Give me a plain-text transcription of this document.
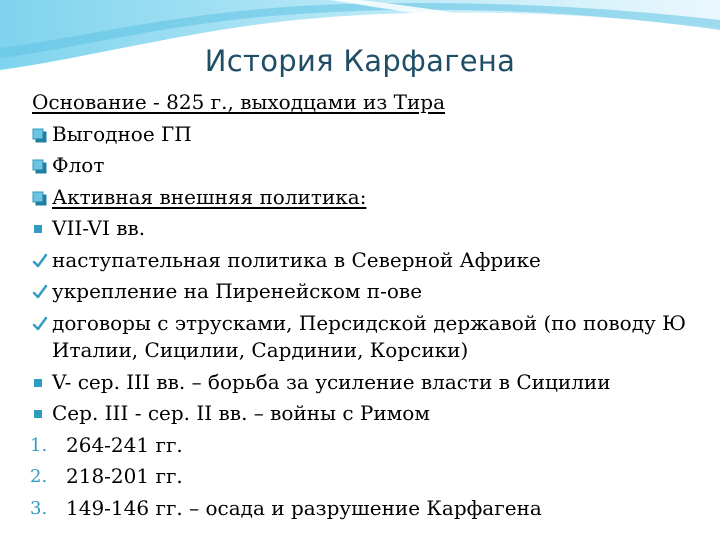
История Карфагена
Основание - 825 г., выходцами из Тира
Выгодное ГП
Флот
Активная внешняя политика:
VII-VI вв.
наступательная политика в Северной Африке
укрепление на Пиренейском п-ове
договоры с этрусками, Персидской державой (по поводу Ю Италии, Сицилии, Сардинии, Корсики)
V- сер. III вв. – борьба за усиление власти в Сицилии
Сер. III - сер. II вв. – войны с Римом
1. 264-241 гг.
2. 218-201 гг.
3. 149-146 гг. – осада и разрушение Карфагена
